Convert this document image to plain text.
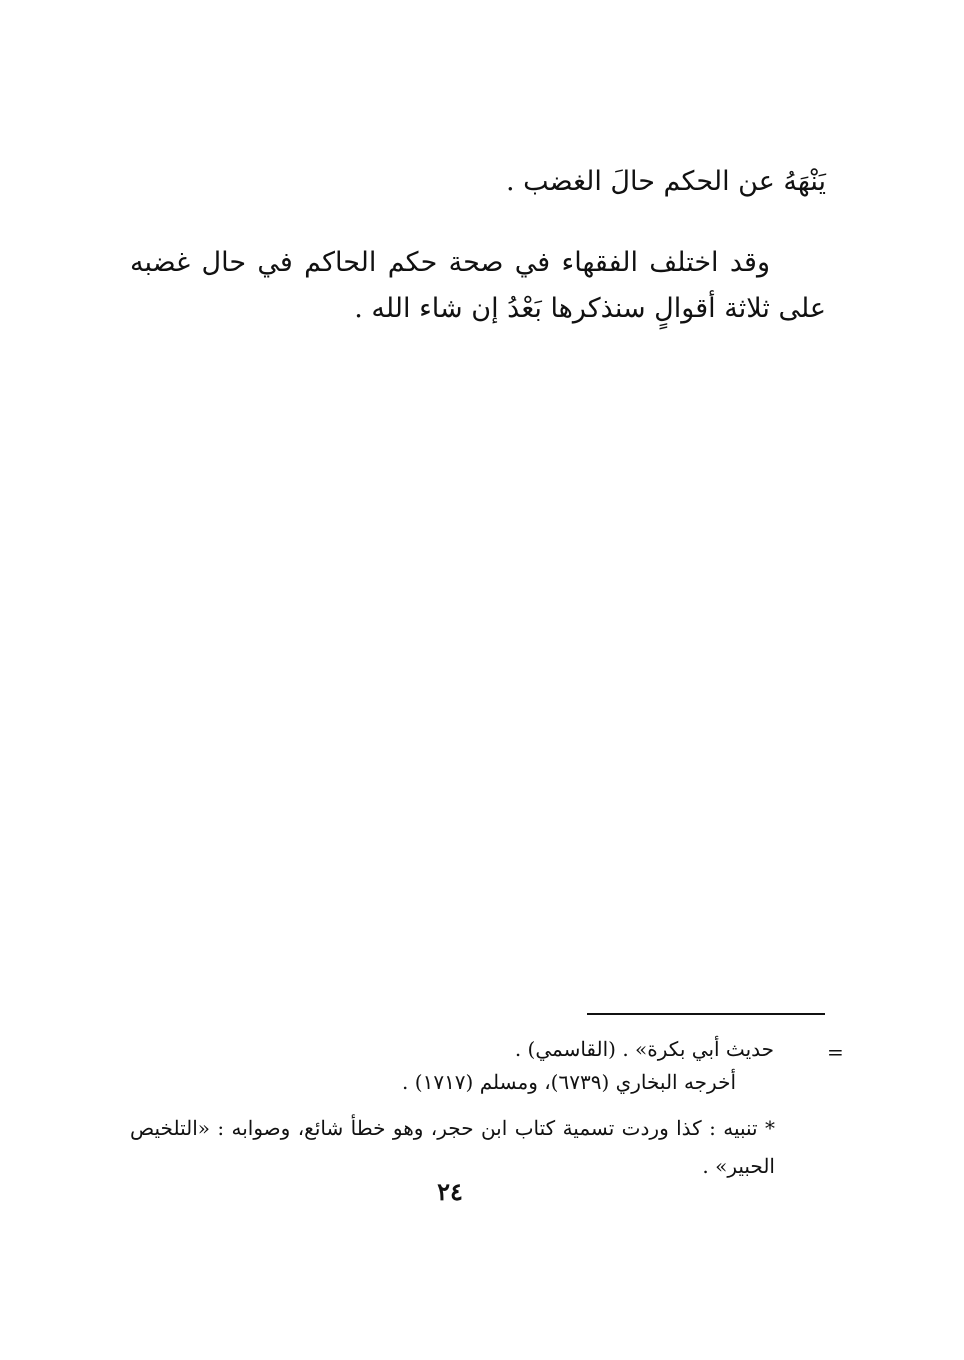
يَنْهَهُ عن الحكم حالَ الغضب .

وقد اختلف الفقهاء في صحة حكم الحاكم في حال غضبه على ثلاثة أقوالٍ سنذكرها بَعْدُ إن شاء الله .

=
حديث أبي بكرة» . (القاسمي) .
أخرجه البخاري (٦٧٣٩)، ومسلم (١٧١٧) .

* تنبيه : كذا وردت تسمية كتاب ابن حجر، وهو خطأ شائع، وصوابه : «التلخيص الحبير» .

٢٤
